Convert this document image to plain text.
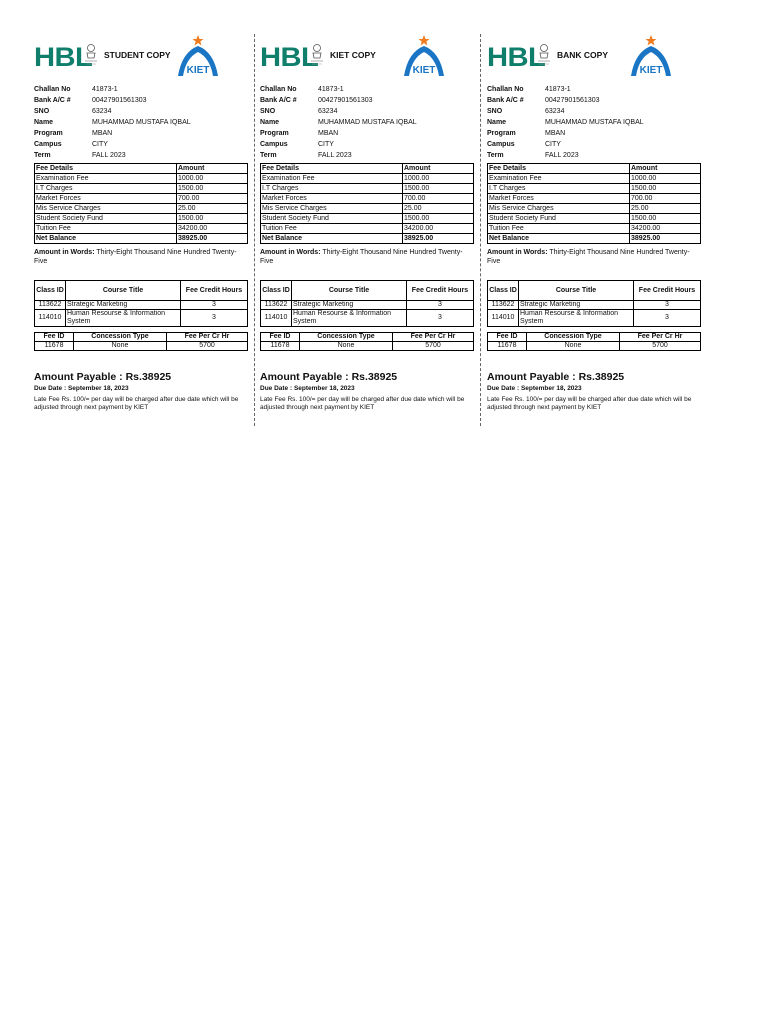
HBL STUDENT COPY
KIET
Challan No	41873-1
Bank A/C #	00427901561303
SNO	63234
Name	MUHAMMAD MUSTAFA IQBAL
Program	MBAN
Campus	CITY
Term	FALL 2023
Fee Details	Amount
Examination Fee	1000.00
I.T Charges	1500.00
Market Forces	700.00
Mis Service Charges	25.00
Student Society Fund	1500.00
Tuition Fee	34200.00
Net Balance	38925.00
Amount in Words: Thirty-Eight Thousand Nine Hundred Twenty-Five
Class ID	Course Title	Fee Credit Hours
113622	Strategic Marketing	3
114010	Human Resourse & Information System	3
Fee ID	Concession Type	Fee Per Cr Hr
11678	None	5700
Amount Payable : Rs.38925
Due Date : September 18, 2023
Late Fee Rs. 100/= per day will be charged after due date which will be adjusted through next payment by KIET
HBL KIET COPY
KIET
Challan No	41873-1
Bank A/C #	00427901561303
SNO	63234
Name	MUHAMMAD MUSTAFA IQBAL
Program	MBAN
Campus	CITY
Term	FALL 2023
Fee Details	Amount
Examination Fee	1000.00
I.T Charges	1500.00
Market Forces	700.00
Mis Service Charges	25.00
Student Society Fund	1500.00
Tuition Fee	34200.00
Net Balance	38925.00
Amount in Words: Thirty-Eight Thousand Nine Hundred Twenty-Five
Class ID	Course Title	Fee Credit Hours
113622	Strategic Marketing	3
114010	Human Resourse & Information System	3
Fee ID	Concession Type	Fee Per Cr Hr
11678	None	5700
Amount Payable : Rs.38925
Due Date : September 18, 2023
Late Fee Rs. 100/= per day will be charged after due date which will be adjusted through next payment by KIET
HBL BANK COPY
KIET
Challan No	41873-1
Bank A/C #	00427901561303
SNO	63234
Name	MUHAMMAD MUSTAFA IQBAL
Program	MBAN
Campus	CITY
Term	FALL 2023
Fee Details	Amount
Examination Fee	1000.00
I.T Charges	1500.00
Market Forces	700.00
Mis Service Charges	25.00
Student Society Fund	1500.00
Tuition Fee	34200.00
Net Balance	38925.00
Amount in Words: Thirty-Eight Thousand Nine Hundred Twenty-Five
Class ID	Course Title	Fee Credit Hours
113622	Strategic Marketing	3
114010	Human Resourse & Information System	3
Fee ID	Concession Type	Fee Per Cr Hr
11678	None	5700
Amount Payable : Rs.38925
Due Date : September 18, 2023
Late Fee Rs. 100/= per day will be charged after due date which will be adjusted through next payment by KIET
